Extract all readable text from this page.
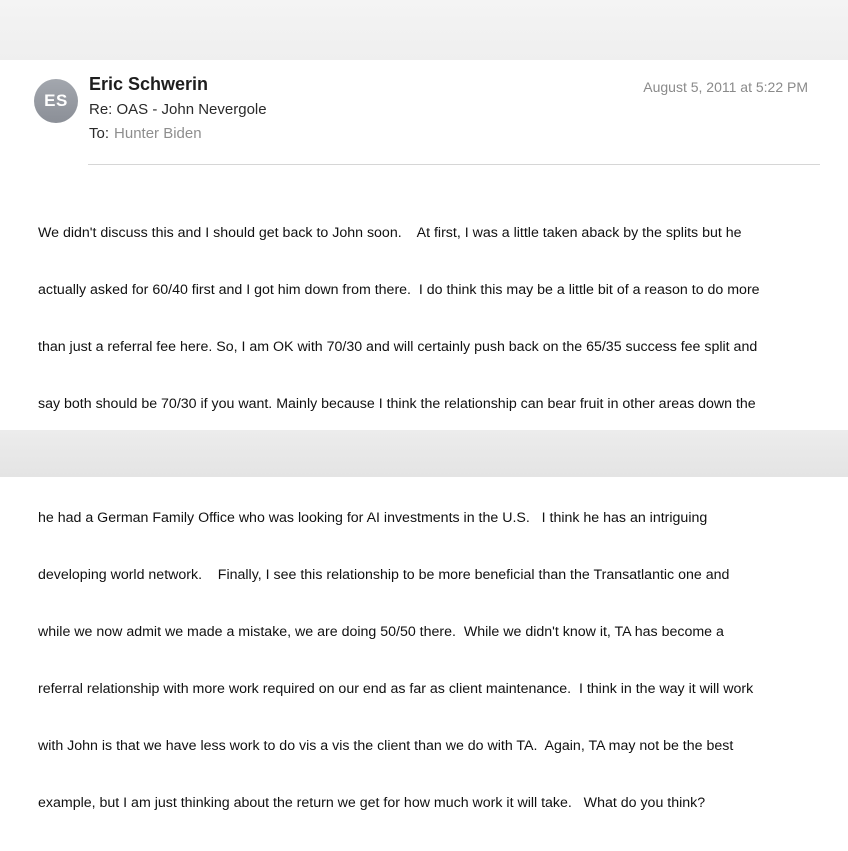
ES
Eric Schwerin
Re: OAS - John Nevergole
To: Hunter Biden
August 5, 2011 at 5:22 PM

We didn't discuss this and I should get back to John soon.    At first, I was a little taken aback by the splits but he

actually asked for 60/40 first and I got him down from there.  I do think this may be a little bit of a reason to do more

than just a referral fee here. So, I am OK with 70/30 and will certainly push back on the 65/35 success fee split and

say both should be 70/30 if you want. Mainly because I think the relationship can bear fruit in other areas down the

he had a German Family Office who was looking for AI investments in the U.S.   I think he has an intriguing

developing world network.    Finally, I see this relationship to be more beneficial than the Transatlantic one and

while we now admit we made a mistake, we are doing 50/50 there.  While we didn't know it, TA has become a

referral relationship with more work required on our end as far as client maintenance.  I think in the way it will work

with John is that we have less work to do vis a vis the client than we do with TA.  Again, TA may not be the best

example, but I am just thinking about the return we get for how much work it will take.   What do you think?
